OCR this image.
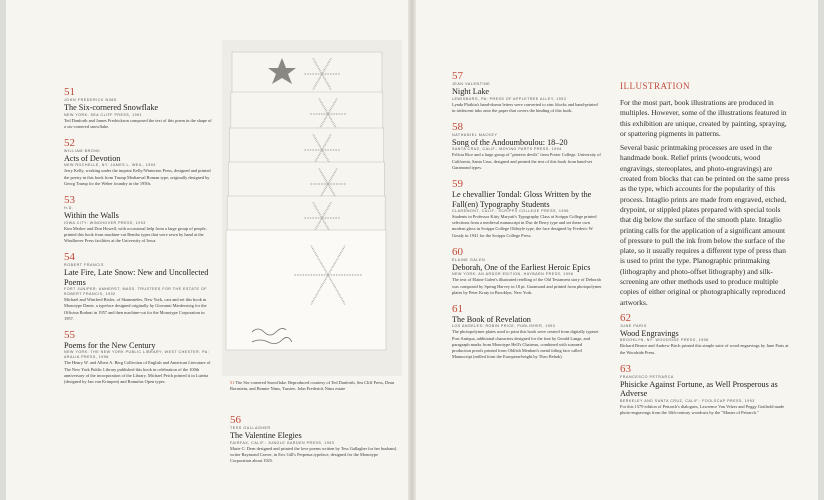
51
JOHN FREDERICK NIMS
The Six-cornered Snowflake
NEW YORK: SEA CLIFF PRESS, 1991
Ted Danforth and James Fredrickson composed the text of this poem in the shape of a six-cornered snowflake.
52
WILLIAM BRONK
Acts of Devotion
NEW ROCHELLE, NY: JAMES L. WEIL, 1993
Jerry Kelly, working under the imprint Kelly/Winterton Press, designed and printed the poetry in this book from Trump Mediaeval Roman type, originally designed by Georg Trump for the Weber foundry in the 1950s.
53
H.D.
Within the Walls
IOWA CITY: WINDHOVER PRESS, 1993
Kim Merker and Don Howell, with occasional help from a large group of people, printed this book from machine-cut Bembo types that were sewn by hand at the Windhover Press facilities at the University of Iowa.
54
ROBERT FRANCIS
Late Fire, Late Snow: New and Uncollected Poems
FORT JUNIPER: AMHERST, MASS. TRUSTEES FOR THE ESTATE OF ROBERT FRANCIS, 1992
Michael and Winifred Bixler, of Skaneateles, New York, cast and set this book in Monotype Dante, a typeface designed originally by Giovanni Mardersteig for the Officina Bodoni in 1957 and then machine-cut for the Monotype Corporation in 1957.
55
Poems for the New Century
NEW YORK: THE NEW YORK PUBLIC LIBRARY; WEST CHESTER, PA: ARALIA PRESS, 1996
The Henry W. and Albert A. Berg Collection of English and American Literature of The New York Public Library published this book in celebration of the 100th anniversary of the incorporation of the Library. Michael Peich printed it in Lutetia (designed by Jan van Krimpen) and Romulus Open types.	51 The Six-cornered Snowflake. Reproduced courtesy of Ted Danforth, Sea Cliff Press, Dean Bornstein, and Bonnie Nims, Trustee, John Frederick Nims estate
56
TESS GALLAGHER
The Valentine Elegies
FAIRFAX, CALIF.: JUNGLE GARDEN PRESS, 1993
Marie C. Dern designed and printed the love poems written by Tess Gallagher for her husband, writer Raymond Carver, in Eric Gill's Perpetua typeface, designed for the Monotype Corporation about 1925.
57
JEAN VALENTINE
Night Lake
LEWISBURG, PA: PRESS OF APPLETREE ALLEY, 1993
Lynda Plotkin's hand-drawn letters were converted to zinc blocks and hand-printed in iridescent inks onto the paper that covers the binding of this book.
58
NATHANIEL MACKEY
Song of the Andoumboulou: 18–20
SANTA CRUZ, CALIF.: MOVING PARTS PRESS, 1994
Felicia Rice and a large group of "printers devils" from Porter College, University of California, Santa Cruz, designed and printed the text of this book from hand-set Garamond types.
59
Le chevallier Tondal: Gloss Written by the Fall(en) Typography Students
CLAREMONT, CALIF.: SCRIPPS COLLEGE PRESS, 1996
Students in Professor Kitty Maryatt's Typography Class at Scripps College printed selections from a medieval manuscript in Duc de Berry type and set these own modern gloss in Scripps College Oldstyle type, the face designed by Frederic W. Goudy in 1941 for the Scripps College Press.
60
ELAINE GALEN
Deborah, One of the Earliest Heroic Epics
NEW YORK: AN ARDOR EDITION, HAYBARN PRESS, 1996
The text of Elaine Galen's illustrated retelling of the Old Testament story of Deborah was composed by Spring Harvey in 18 pt. Garamond and printed from photopolymer plates by Peter Kruty in Brooklyn, New York.
61
The Book of Revelation
LOS ANGELES: ROBIN PRICE, PUBLISHER, 1993
The photopolymer plates used to print this book were created from digitally typeset Post Antiqua, additional characters designed for the font by Gerald Lange, and paragraph marks from Monotype Hell's Chaireau, combined with scanned production proofs printed from Oldfish Menhart's metal titling face called Manuscript (milled from the European-height by Theo Rehak).
ILLUSTRATION

For the most part, book illustrations are produced in multiples. However, some of the illustrations featured in this exhibition are unique, created by painting, spraying, or spattering pigments in patterns.

Several basic printmaking processes are used in the handmade book. Relief prints (woodcuts, wood engravings, stereoplates, and photo-engravings) are created from blocks that can be printed on the same press as the type, which accounts for the popularity of this process. Intaglio prints are made from engraved, etched, drypoint, or stippled plates prepared with special tools that dig below the surface of the smooth plate. Intaglio printing calls for the application of a significant amount of pressure to pull the ink from below the surface of the plate, so it usually requires a different type of press than is used to print the type. Planographic printmaking (lithography and photo-offset lithography) and silk-screening are other methods used to produce multiple copies of either original or photographically reproduced artworks.

62
JUNE PARIS
Wood Engravings
BROOKLYN, NY: WOODSIDE PRESS, 1996
Richard Bearce and Andrew Birch printed this simple suite of wood engravings by June Paris at the Woodside Press.
63
FRANCESCO PETRARCA
Phisicke Against Fortune, as Well Prosperous as Adverse
BERKELEY AND SANTA CRUZ, CALIF.: FOOLSCAP PRESS, 1993
For this 1579 edition of Petrarch's dialogues, Lawrence Van Velzer and Peggy Gotthold made photo-engravings from the 16th-century woodcuts by the "Master of Petrarch."
